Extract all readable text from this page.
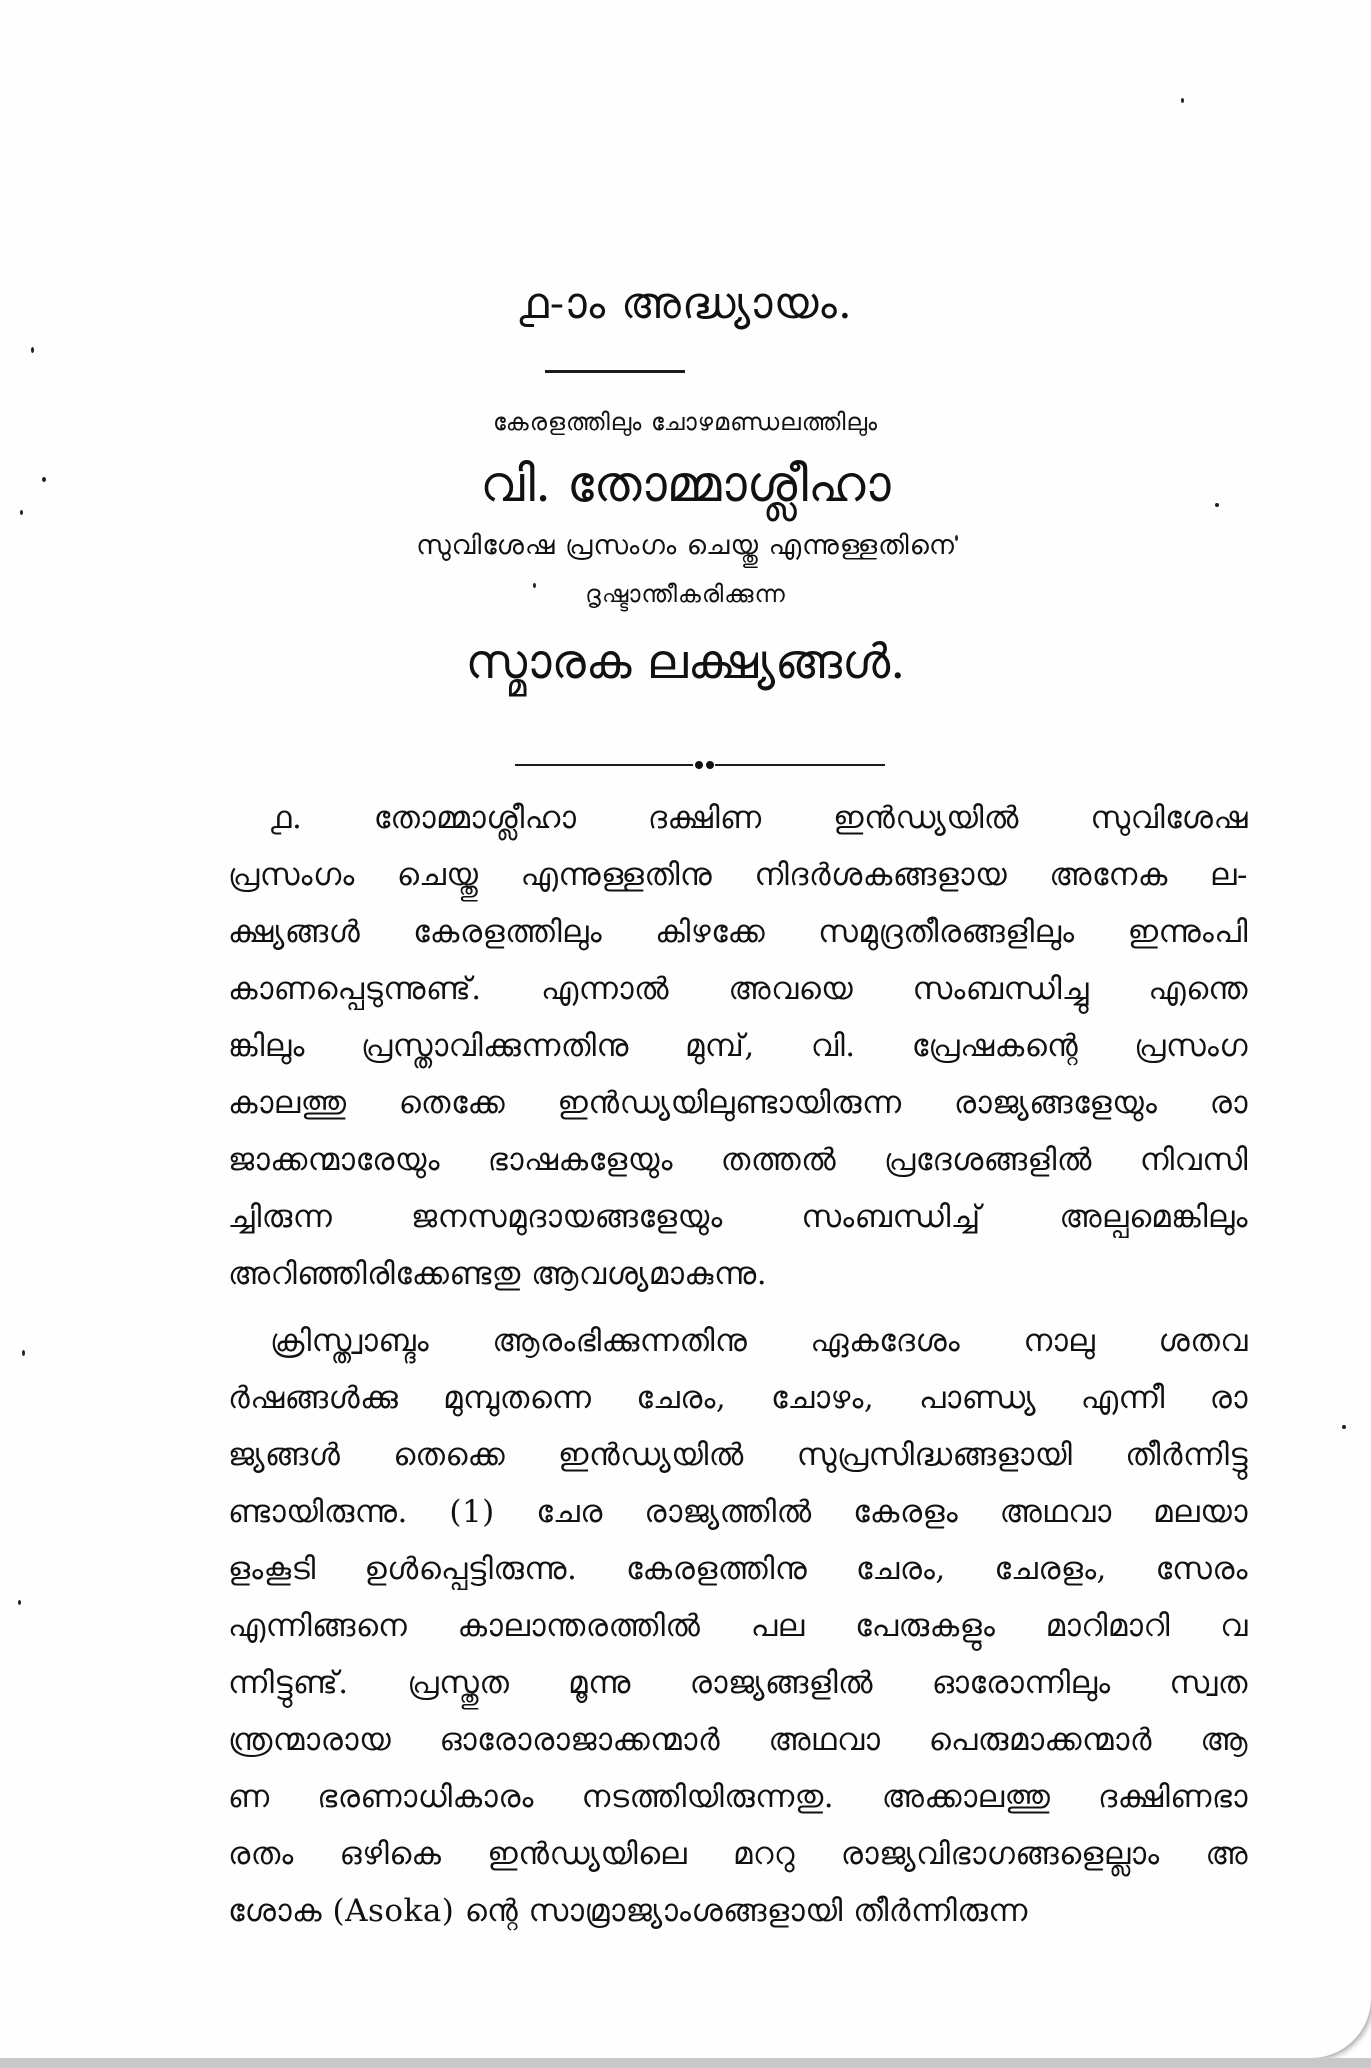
൧-ാം അദ്ധ്യായം.
കേരളത്തിലും ചോഴമണ്ഡലത്തിലും
വി. തോമ്മാശ്ലീഹാ
സുവിശേഷ പ്രസംഗം ചെയ്തു എന്നുള്ളതിനെ
ദൃഷ്ടാന്തീകരിക്കുന്ന
സ്മാരക ലക്ഷ്യങ്ങൾ.
൧. തോമ്മാശ്ലീഹാ ദക്ഷിണ ഇൻഡ്യയിൽ സുവിശേഷ
പ്രസംഗം ചെയ്തു എന്നുള്ളതിനു നിദർശകങ്ങളായ അനേക ല-
ക്ഷ്യങ്ങൾ കേരളത്തിലും കിഴക്കേ സമുദ്രതീരങ്ങളിലും ഇന്നുംപി
കാണപ്പെടുന്നുണ്ട്. എന്നാൽ അവയെ സംബന്ധിച്ചു എന്തെ
ങ്കിലും പ്രസ്താവിക്കുന്നതിനു മുമ്പ്, വി. പ്രേഷകന്റെ പ്രസംഗ
കാലത്തു തെക്കേ ഇൻഡ്യയിലുണ്ടായിരുന്ന രാജ്യങ്ങളേയും രാ
ജാക്കന്മാരേയും ഭാഷകളേയും തത്തൽ പ്രദേശങ്ങളിൽ നിവസി
ച്ചിരുന്ന ജനസമുദായങ്ങളേയും സംബന്ധിച്ച് അല്പമെങ്കിലും
അറിഞ്ഞിരിക്കേണ്ടതു ആവശ്യമാകുന്നു.
ക്രിസ്ത്വാബ്ദം ആരംഭിക്കുന്നതിനു ഏകദേശം നാലു ശതവ
ർഷങ്ങൾക്കു മുമ്പുതന്നെ ചേരം, ചോഴം, പാണ്ഡ്യ എന്നീ രാ
ജ്യങ്ങൾ തെക്കെ ഇൻഡ്യയിൽ സുപ്രസിദ്ധങ്ങളായി തീർന്നിട്ടു
ണ്ടായിരുന്നു. (1) ചേര രാജ്യത്തിൽ കേരളം അഥവാ മലയാ
ളംകൂടി ഉൾപ്പെട്ടിരുന്നു. കേരളത്തിനു ചേരം, ചേരളം, സേരം
എന്നിങ്ങനെ കാലാന്തരത്തിൽ പല പേരുകളും മാറിമാറി വ
ന്നിട്ടുണ്ട്. പ്രസ്തുത മൂന്നു രാജ്യങ്ങളിൽ ഓരോന്നിലും സ്വത
ന്ത്രന്മാരായ ഓരോരാജാക്കന്മാർ അഥവാ പെരുമാക്കന്മാർ ആ
ണ ഭരണാധികാരം നടത്തിയിരുന്നതു. അക്കാലത്തു ദക്ഷിണഭാ
രതം ഒഴികെ ഇൻഡ്യയിലെ മററു രാജ്യവിഭാഗങ്ങളെല്ലാം അ
ശോക (Asoka) ന്റെ സാമ്രാജ്യാംശങ്ങളായി തീർന്നിരുന്ന
